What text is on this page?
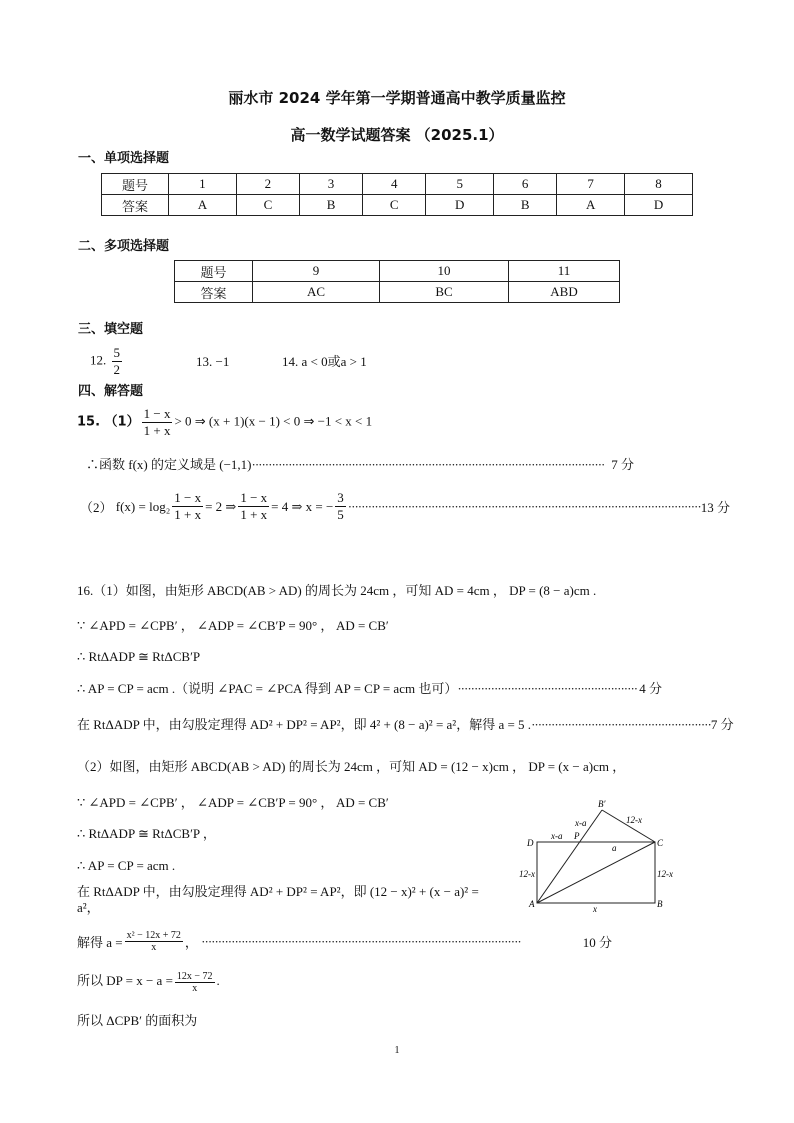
丽水市 2024 学年第一学期普通高中教学质量监控
高一数学试题答案 （2025.1）
一、单项选择题
题号	1	2	3	4	5	6	7	8
答案	A	C	B	C	D	B	A	D
二、多项选择题
题号	9	10	11
答案	AC	BC	ABD
三、填空题
12. $\frac{5}{2}$	13. −1	14. a < 0或a > 1
四、解答题
15. $(1) \frac{1 - x}{1 + x} > 0$ ⇒ (x + 1)(x − 1) < 0 ⇒ −1 < x < 1
∴函数 f(x) 的定义域是 (−1,1) ·········································································································· 7 分
（2）
$f(x) = \log_2 \frac{1 - x}{1 + x} = 2$ ⇒ $\frac{1 - x}{1 + x} = 4$ ⇒ x = − $\frac{3}{5}$ ·········································································································· 13 分
16.（1）如图，由矩形 ABCD(AB > AD) 的周长为 24cm ，可知 AD = 4cm ， DP = (8 − a)cm .
∵ ∠APD = ∠CPB′ ， ∠ADP = ∠CB′P = 90° ， AD = CB′
∴ RtΔADP ≅ RtΔCB′P
∴ AP = CP = acm .（说明 ∠PAC = ∠PCA 得到 AP = CP = acm 也可） ······················································ 4 分
在 RtΔADP 中，由勾股定理得 AD² + DP² = AP²，即 4² + (8 − a)² = a²，解得 a = 5 . ······················································ 7 分
（2）如图，由矩形 ABCD(AB > AD) 的周长为 24cm ，可知 AD = (12 − x)cm ， DP = (x − a)cm ，
∵ ∠APD = ∠CPB′ ， ∠ADP = ∠CB′P = 90° ， AD = CB′
∴ RtΔADP ≅ RtΔCB′P ，
∴ AP = CP = acm .
在 RtΔADP 中，由勾股定理得 AD² + DP² = AP²，即 (12 − x)² + (x − a)² = a²，
解得 $a = \frac{\text{x² − 12x + 72}}{x}$ ， ································································································	10 分
所以 DP = $x - a = \frac{12x - 72}{x}$ .
所以 ΔCPB′ 的面积为
B′
D
P
C
A	B
x-a
x-a
12-x
a
12-x	12-x
x
1
